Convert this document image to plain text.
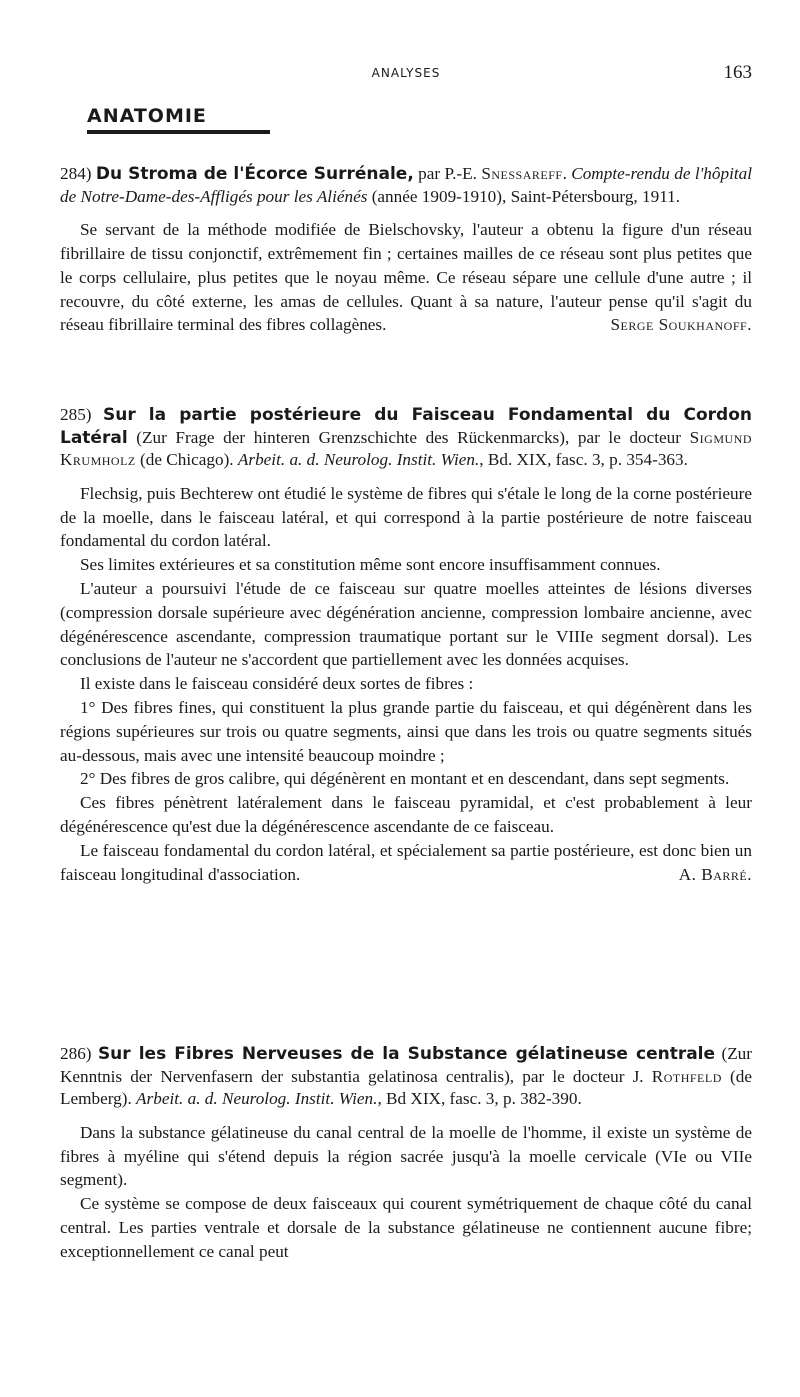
ANALYSES	163
ANATOMIE

284) Du Stroma de l'Écorce Surrénale, par P.-E. Snessareff. Compte-rendu de l'hôpital de Notre-Dame-des-Affligés pour les Aliénés (année 1909-1910), Saint-Pétersbourg, 1911.

Se servant de la méthode modifiée de Bielschovsky, l'auteur a obtenu la figure d'un réseau fibrillaire de tissu conjonctif, extrêmement fin ; certaines mailles de ce réseau sont plus petites que le corps cellulaire, plus petites que le noyau même. Ce réseau sépare une cellule d'une autre ; il recouvre, du côté externe, les amas de cellules. Quant à sa nature, l'auteur pense qu'il s'agit du réseau fibrillaire terminal des fibres collagènes.	Serge Soukhanoff.

285) Sur la partie postérieure du Faisceau Fondamental du Cordon Latéral (Zur Frage der hinteren Grenzschichte des Rückenmarcks), par le docteur Sigmund Krumholz (de Chicago). Arbeit. a. d. Neurolog. Instit. Wien., Bd. XIX, fasc. 3, p. 354-363.

Flechsig, puis Bechterew ont étudié le système de fibres qui s'étale le long de la corne postérieure de la moelle, dans le faisceau latéral, et qui correspond à la partie postérieure de notre faisceau fondamental du cordon latéral.

Ses limites extérieures et sa constitution même sont encore insuffisamment connues.

L'auteur a poursuivi l'étude de ce faisceau sur quatre moelles atteintes de lésions diverses (compression dorsale supérieure avec dégénération ancienne, compression lombaire ancienne, avec dégénérescence ascendante, compression traumatique portant sur le VIIIe segment dorsal). Les conclusions de l'auteur ne s'accordent que partiellement avec les données acquises.

Il existe dans le faisceau considéré deux sortes de fibres :

1° Des fibres fines, qui constituent la plus grande partie du faisceau, et qui dégénèrent dans les régions supérieures sur trois ou quatre segments, ainsi que dans les trois ou quatre segments situés au-dessous, mais avec une intensité beaucoup moindre ;

2° Des fibres de gros calibre, qui dégénèrent en montant et en descendant, dans sept segments.

Ces fibres pénètrent latéralement dans le faisceau pyramidal, et c'est probablement à leur dégénérescence qu'est due la dégénérescence ascendante de ce faisceau.

Le faisceau fondamental du cordon latéral, et spécialement sa partie postérieure, est donc bien un faisceau longitudinal d'association.	A. Barré.

286) Sur les Fibres Nerveuses de la Substance gélatineuse centrale (Zur Kenntnis der Nervenfasern der substantia gelatinosa centralis), par le docteur J. Rothfeld (de Lemberg). Arbeit. a. d. Neurolog. Instit. Wien., Bd XIX, fasc. 3, p. 382-390.

Dans la substance gélatineuse du canal central de la moelle de l'homme, il existe un système de fibres à myéline qui s'étend depuis la région sacrée jusqu'à la moelle cervicale (VIe ou VIIe segment).

Ce système se compose de deux faisceaux qui courent symétriquement de chaque côté du canal central. Les parties ventrale et dorsale de la substance gélatineuse ne contiennent aucune fibre; exceptionnellement ce canal peut
